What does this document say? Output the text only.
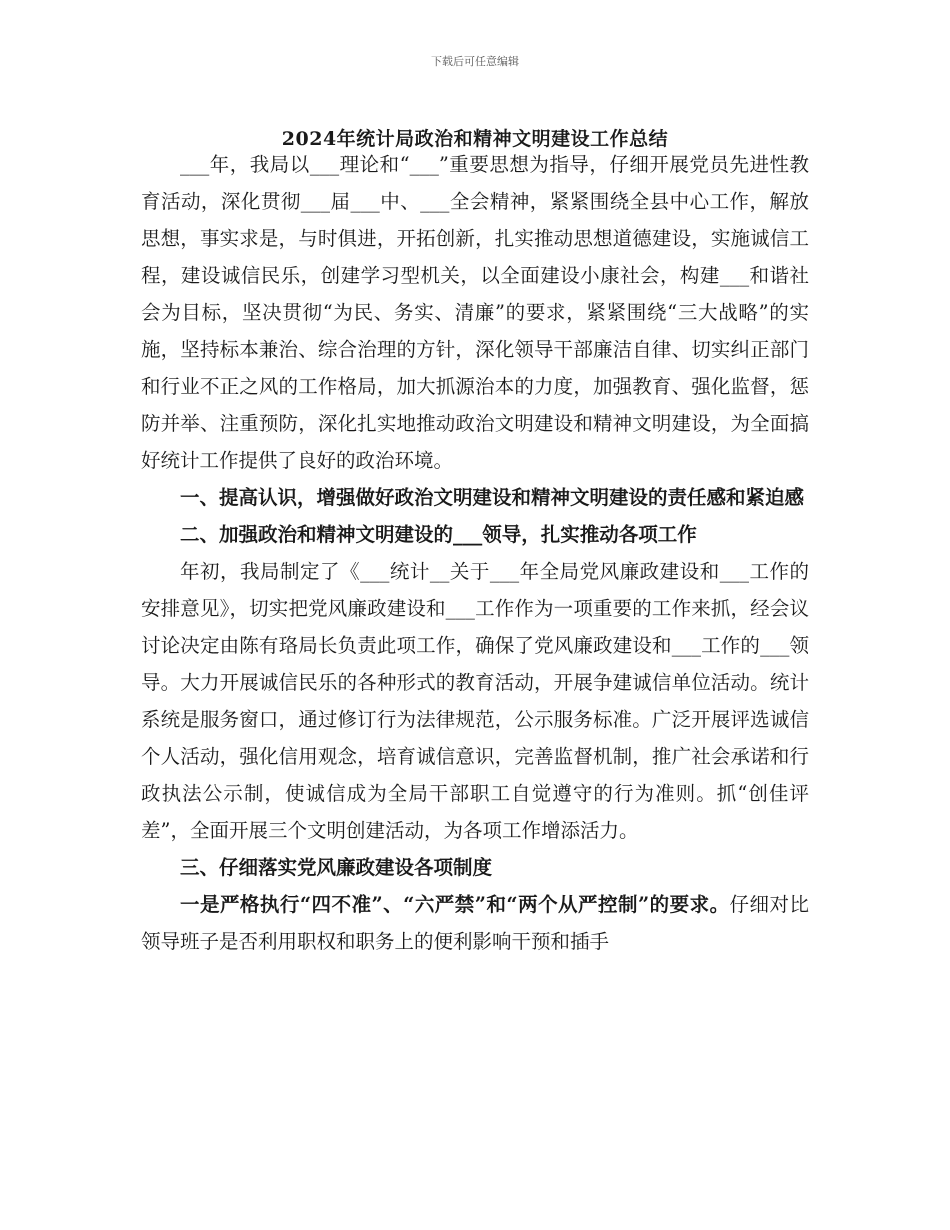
下载后可任意编辑
2024年统计局政治和精神文明建设工作总结

___年，我局以___理论和“___”重要思想为指导，仔细开展党员先进性教育活动，深化贯彻___届___中、___全会精神，紧紧围绕全县中心工作，解放思想，事实求是，与时俱进，开拓创新，扎实推动思想道德建设，实施诚信工程，建设诚信民乐，创建学习型机关，以全面建设小康社会，构建___和谐社会为目标，坚决贯彻“为民、务实、清廉”的要求，紧紧围绕“三大战略”的实施，坚持标本兼治、综合治理的方针，深化领导干部廉洁自律、切实纠正部门和行业不正之风的工作格局，加大抓源治本的力度，加强教育、强化监督，惩防并举、注重预防，深化扎实地推动政治文明建设和精神文明建设，为全面搞好统计工作提供了良好的政治环境。

一、提高认识，增强做好政治文明建设和精神文明建设的责任感和紧迫感

二、加强政治和精神文明建设的___领导，扎实推动各项工作

年初，我局制定了《___统计__关于___年全局党风廉政建设和___工作的安排意见》，切实把党风廉政建设和___工作作为一项重要的工作来抓，经会议讨论决定由陈有珞局长负责此项工作，确保了党风廉政建设和___工作的___领导。大力开展诚信民乐的各种形式的教育活动，开展争建诚信单位活动。统计系统是服务窗口，通过修订行为法律规范，公示服务标准。广泛开展评选诚信个人活动，强化信用观念，培育诚信意识，完善监督机制，推广社会承诺和行政执法公示制，使诚信成为全局干部职工自觉遵守的行为准则。抓“创佳评差”，全面开展三个文明创建活动，为各项工作增添活力。

三、仔细落实党风廉政建设各项制度

一是严格执行“四不准”、“六严禁”和“两个从严控制”的要求。仔细对比领导班子是否利用职权和职务上的便利影响干预和插手
